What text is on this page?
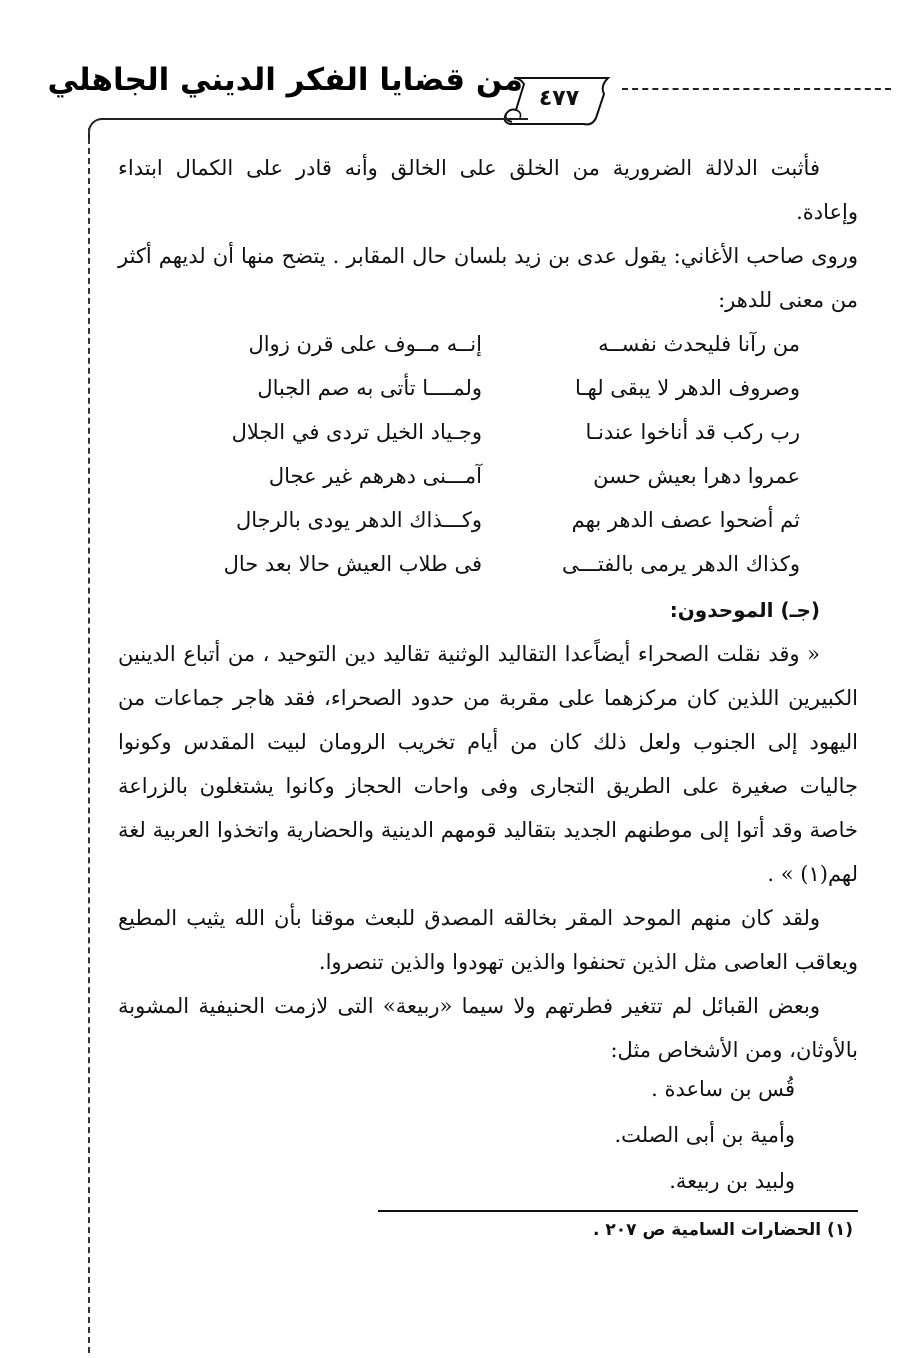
من قضايا الفكر الديني الجاهلي
٤٧٧

فأثبت الدلالة الضرورية من الخلق على الخالق وأنه قادر على الكمال ابتداء وإعادة.

وروى صاحب الأغاني: يقول عدى بن زيد بلسان حال المقابر . يتضح منها أن لديهم أكثر من معنى للدهر:

من رآنا فليحدث نفســه
إنــه مــوف على قرن زوال
وصروف الدهر لا يبقى لهـا
ولمــــا تأتى به صم الجبال
رب ركب قد أناخوا عندنـا
وجـياد الخيل تردى في الجلال
عمروا دهرا بعيش حسن
آمـــنى دهرهم غير عجال
ثم أضحوا عصف الدهر بهم
وكـــذاك الدهر يودى بالرجال
وكذاك الدهر يرمى بالفتـــى
فى طلاب العيش حالا بعد حال

(جـ) الموحدون:

« وقد نقلت الصحراء أيضاًعدا التقاليد الوثنية تقاليد دين التوحيد ، من أتباع الدينين الكبيرين اللذين كان مركزهما على مقربة من حدود الصحراء، فقد هاجر جماعات من اليهود إلى الجنوب ولعل ذلك كان من أيام تخريب الرومان لبيت المقدس وكونوا جاليات صغيرة على الطريق التجارى وفى واحات الحجاز وكانوا يشتغلون بالزراعة خاصة وقد أتوا إلى موطنهم الجديد بتقاليد قومهم الدينية والحضارية واتخذوا العربية لغة لهم(١) » .

ولقد كان منهم الموحد المقر بخالقه المصدق للبعث موقنا بأن الله يثيب المطيع ويعاقب العاصى مثل الذين تحنفوا والذين تهودوا والذين تنصروا.

وبعض القبائل لم تتغير فطرتهم ولا سيما «ربيعة» التى لازمت الحنيفية المشوبة بالأوثان، ومن الأشخاص مثل:

قُس بن ساعدة .
وأمية بن أبى الصلت.
ولبيد بن ربيعة.
(١) الحضارات السامية ص ٢٠٧ .
